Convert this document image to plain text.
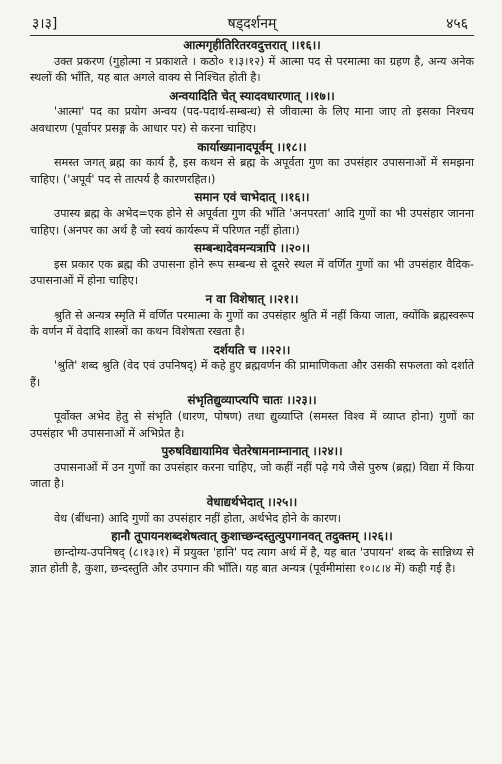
३।३]	षड्दर्शनम्	४५६
आत्मगृहीतिरितरवदुत्तरात् ।।१६।।

उक्त प्रकरण (गुहोत्मा न प्रकाशते । कठो० १।३।१२) में आत्मा पद से परमात्मा का ग्रहण है, अन्य अनेक स्थलों की भाँति, यह बात अगले वाक्य से निश्चित होती है।

अन्वयादिति चेत् स्यादवधारणात् ।।१७।।

'आत्मा' पद का प्रयोग अन्वय (पद-पदार्थ-सम्बन्ध) से जीवात्मा के लिए माना जाए तो इसका निश्चय अवधारण (पूर्वापर प्रसङ्ग के आधार पर) से करना चाहिए।

कार्याख्यानादपूर्वम् ।।१८।।

समस्त जगत् ब्रह्म का कार्य है, इस कथन से ब्रह्म के अपूर्वता गुण का उपसंहार उपासनाओं में समझना चाहिए। ('अपूर्व' पद से तात्पर्य है कारणरहित।)

समान एवं चाभेदात् ।।१६।।

उपास्य ब्रह्म के अभेद=एक होने से अपूर्वता गुण की भाँति 'अनपरता' आदि गुणों का भी उपसंहार जानना चाहिए। (अनपर का अर्थ है जो स्वयं कार्यरूप में परिणत नहीं होता।)

सम्बन्धादेवमन्यत्रापि ।।२०।।

इस प्रकार एक ब्रह्म की उपासना होने रूप सम्बन्ध से दूसरे स्थल में वर्णित गुणों का भी उपसंहार वैदिक-उपासनाओं में होना चाहिए।

न वा विशेषात् ।।२१।।

श्रुति से अन्यत्र स्मृति में वर्णित परमात्मा के गुणों का उपसंहार श्रुति में नहीं किया जाता, क्योंकि ब्रह्मस्वरूप के वर्णन में वेदादि शास्त्रों का कथन विशेषता रखता है।

दर्शयति च ।।२२।।

'श्रुति' शब्द श्रुति (वेद एवं उपनिषद्) में कहे हुए ब्रह्मवर्णन की प्रामाणिकता और उसकी सफलता को दर्शाते हैं।

संभृतिद्युव्याप्त्यपि चातः ।।२३।।

पूर्वोक्त अभेद हेतु से संभृति (धारण, पोषण) तथा द्युव्याप्ति (समस्त विश्व में व्याप्त होना) गुणों का उपसंहार भी उपासनाओं में अभिप्रेत है।

पुरुषविद्यायामिव चेतरेषामनाम्नानात् ।।२४।।

उपासनाओं में उन गुणों का उपसंहार करना चाहिए, जो कहीं नहीं पढ़े गये जैसे पुरुष (ब्रह्म) विद्या में किया जाता है।

वेधाद्यर्थभेदात् ।।२५।।

वेध (बींधना) आदि गुणों का उपसंहार नहीं होता, अर्थभेद होने के कारण।

हानौ तूपायनशब्दशेषत्वात् कुशाच्छन्दस्तुत्युपगानवत् तदुक्तम् ।।२६।।

छान्दोग्य-उपनिषद् (८।१३।१) में प्रयुक्त 'हानि' पद त्याग अर्थ में है, यह बात 'उपायन' शब्द के सान्निध्य से ज्ञात होती है, कुशा, छन्दस्तुति और उपगान की भाँति। यह बात अन्यत्र (पूर्वमीमांसा १०।८।४ में) कही गई है।
